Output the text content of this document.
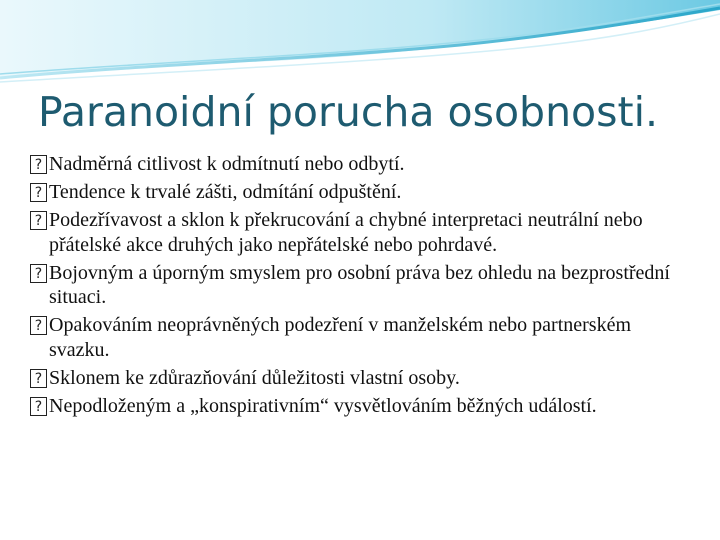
Paranoidní porucha osobnosti.
?
Nadměrná citlivost k odmítnutí nebo odbytí.
?
Tendence k trvalé zášti, odmítání odpuštění.
?
Podezřívavost a sklon k překrucování a chybné interpretaci neutrální nebo přátelské akce druhých jako nepřátelské nebo pohrdavé.
?
Bojovným a úporným smyslem pro osobní práva bez ohledu na bezprostřední situaci.
?
Opakováním neoprávněných podezření v manželském nebo partnerském svazku.
?
Sklonem ke zdůrazňování důležitosti vlastní osoby.
?
Nepodloženým a „konspirativním“ vysvětlováním běžných událostí.
